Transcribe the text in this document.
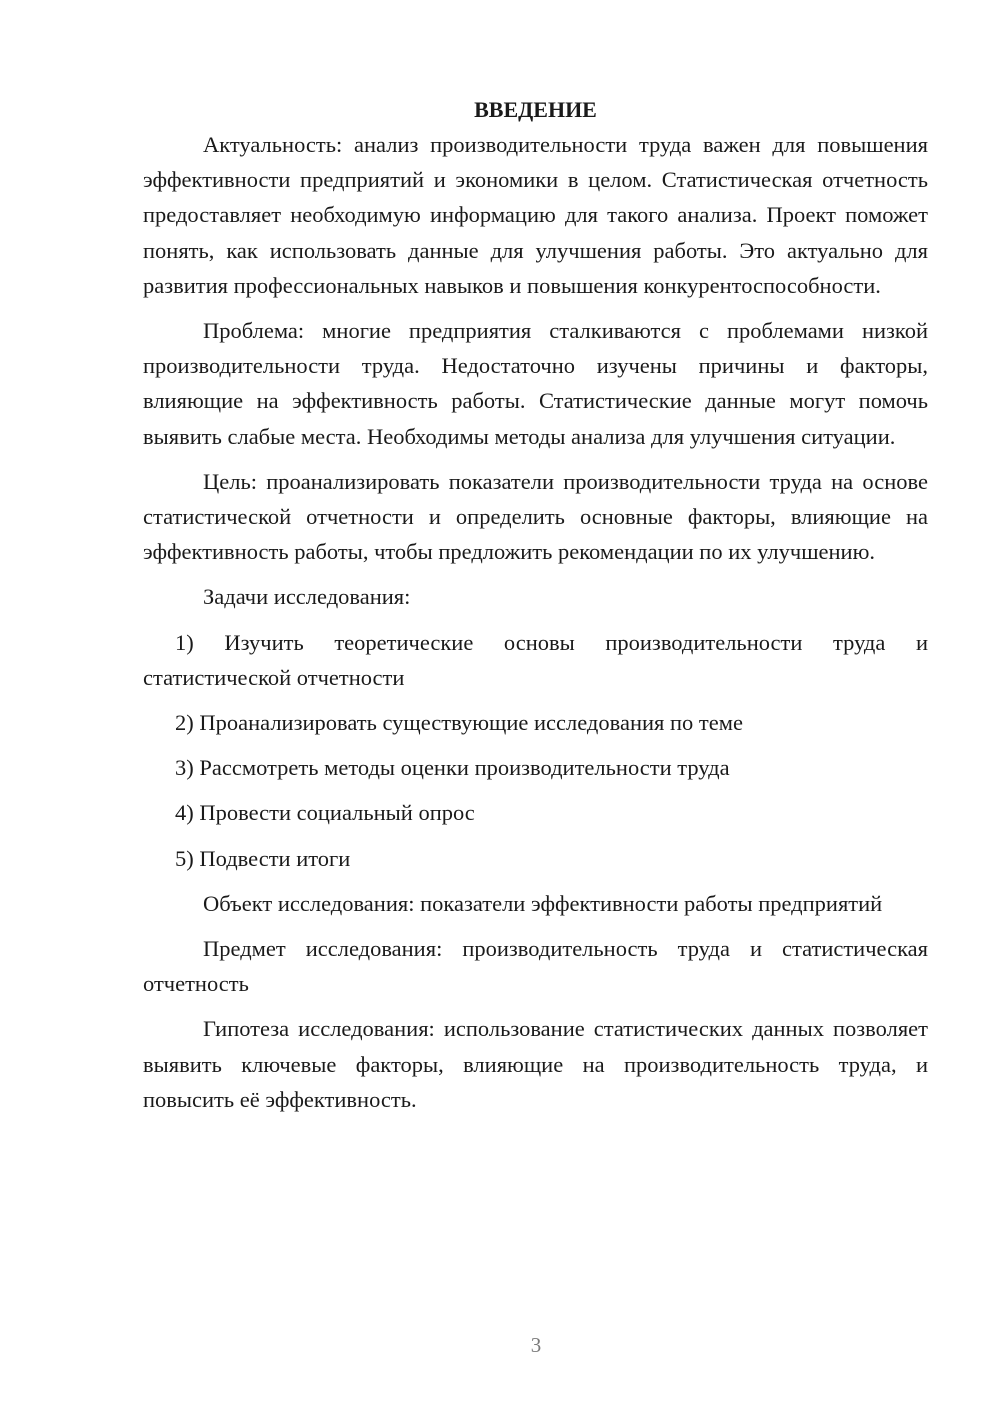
ВВЕДЕНИЕ

Актуальность: анализ производительности труда важен для повышения эффективности предприятий и экономики в целом. Статистическая отчетность предоставляет необходимую информацию для такого анализа. Проект поможет понять, как использовать данные для улучшения работы. Это актуально для развития профессиональных навыков и повышения конкурентоспособности.

Проблема: многие предприятия сталкиваются с проблемами низкой производительности труда. Недостаточно изучены причины и факторы, влияющие на эффективность работы. Статистические данные могут помочь выявить слабые места. Необходимы методы анализа для улучшения ситуации.

Цель: проанализировать показатели производительности труда на основе статистической отчетности и определить основные факторы, влияющие на эффективность работы, чтобы предложить рекомендации по их улучшению.

Задачи исследования:

1) Изучить теоретические основы производительности труда и статистической отчетности

2) Проанализировать существующие исследования по теме

3) Рассмотреть методы оценки производительности труда

4) Провести социальный опрос

5) Подвести итоги

Объект исследования: показатели эффективности работы предприятий

Предмет исследования: производительность труда и статистическая отчетность

Гипотеза исследования: использование статистических данных позволяет выявить ключевые факторы, влияющие на производительность труда, и повысить её эффективность.

3
